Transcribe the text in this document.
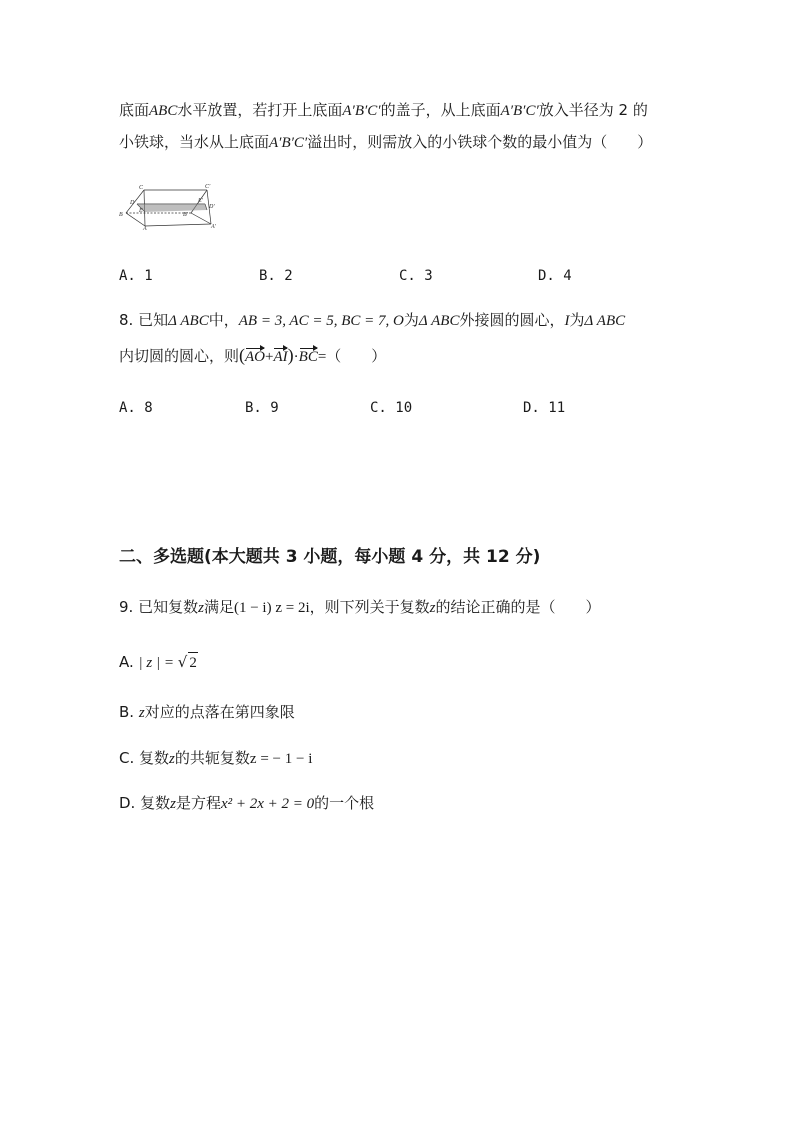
底面ABC水平放置，若打开上底面A′B′C′的盖子，从上底面A′B′C′放入半径为 2 的
小铁球，当水从上底面A′B′C′溢出时，则需放入的小铁球个数的最小值为（　　）
C	C′
B
D
D′
B′
E
E′
A	A′
A. 1	B. 2	C. 3	D. 4
8. 已知Δ ABC中，AB = 3, AC = 5, BC = 7, O为Δ ABC外接圆的圆心，I为Δ ABC
内切圆的圆心，则(AO+AI)·BC=（　　）
A. 8	B. 9	C. 10	D. 11
二、多选题(本大题共 3 小题，每小题 4 分，共 12 分)
9. 已知复数z满足(1 − i) z = 2i，则下列关于复数z的结论正确的是（　　）
A. | z | = √ 2
B. z对应的点落在第四象限
C. 复数z的共轭复数z = − 1 − i
D. 复数z是方程x² + 2x + 2 = 0的一个根
